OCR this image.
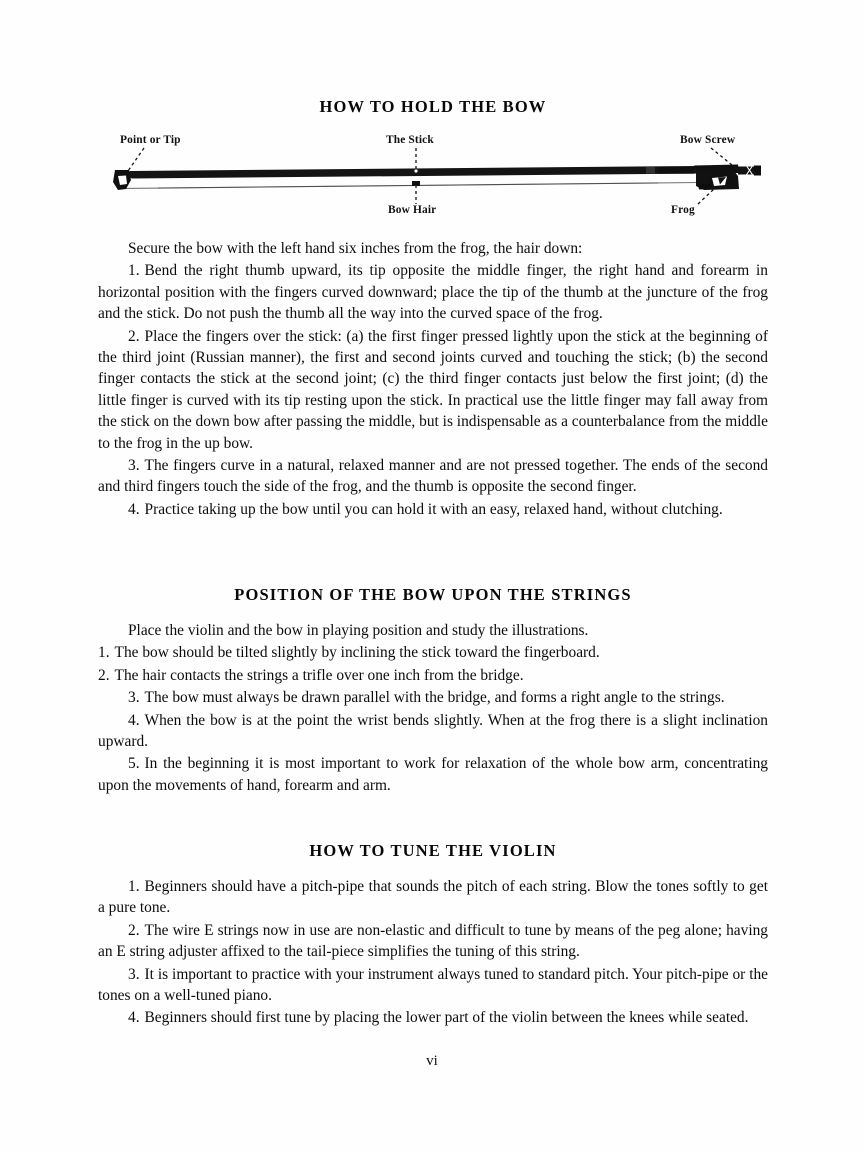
HOW TO HOLD THE BOW
Point or Tip	The Stick	Bow Screw
Bow Hair	Frog

Secure the bow with the left hand six inches from the frog, the hair down:

1. Bend the right thumb upward, its tip opposite the middle finger, the right hand and forearm in horizontal position with the fingers curved downward; place the tip of the thumb at the juncture of the frog and the stick. Do not push the thumb all the way into the curved space of the frog.

2. Place the fingers over the stick: (a) the first finger pressed lightly upon the stick at the beginning of the third joint (Russian manner), the first and second joints curved and touching the stick; (b) the second finger contacts the stick at the second joint; (c) the third finger contacts just below the first joint; (d) the little finger is curved with its tip resting upon the stick. In practical use the little finger may fall away from the stick on the down bow after passing the middle, but is indispensable as a counterbalance from the middle to the frog in the up bow.

3. The fingers curve in a natural, relaxed manner and are not pressed together. The ends of the second and third fingers touch the side of the frog, and the thumb is opposite the second finger.

4. Practice taking up the bow until you can hold it with an easy, relaxed hand, without clutching.

POSITION OF THE BOW UPON THE STRINGS

Place the violin and the bow in playing position and study the illustrations.

1. The bow should be tilted slightly by inclining the stick toward the fingerboard.

2. The hair contacts the strings a trifle over one inch from the bridge.

3. The bow must always be drawn parallel with the bridge, and forms a right angle to the strings.

4. When the bow is at the point the wrist bends slightly. When at the frog there is a slight inclination upward.

5. In the beginning it is most important to work for relaxation of the whole bow arm, concentrating upon the movements of hand, forearm and arm.

HOW TO TUNE THE VIOLIN

1. Beginners should have a pitch-pipe that sounds the pitch of each string. Blow the tones softly to get a pure tone.

2. The wire E strings now in use are non-elastic and difficult to tune by means of the peg alone; having an E string adjuster affixed to the tail-piece simplifies the tuning of this string.

3. It is important to practice with your instrument always tuned to standard pitch. Your pitch-pipe or the tones on a well-tuned piano.

4. Beginners should first tune by placing the lower part of the violin between the knees while seated.

vi
